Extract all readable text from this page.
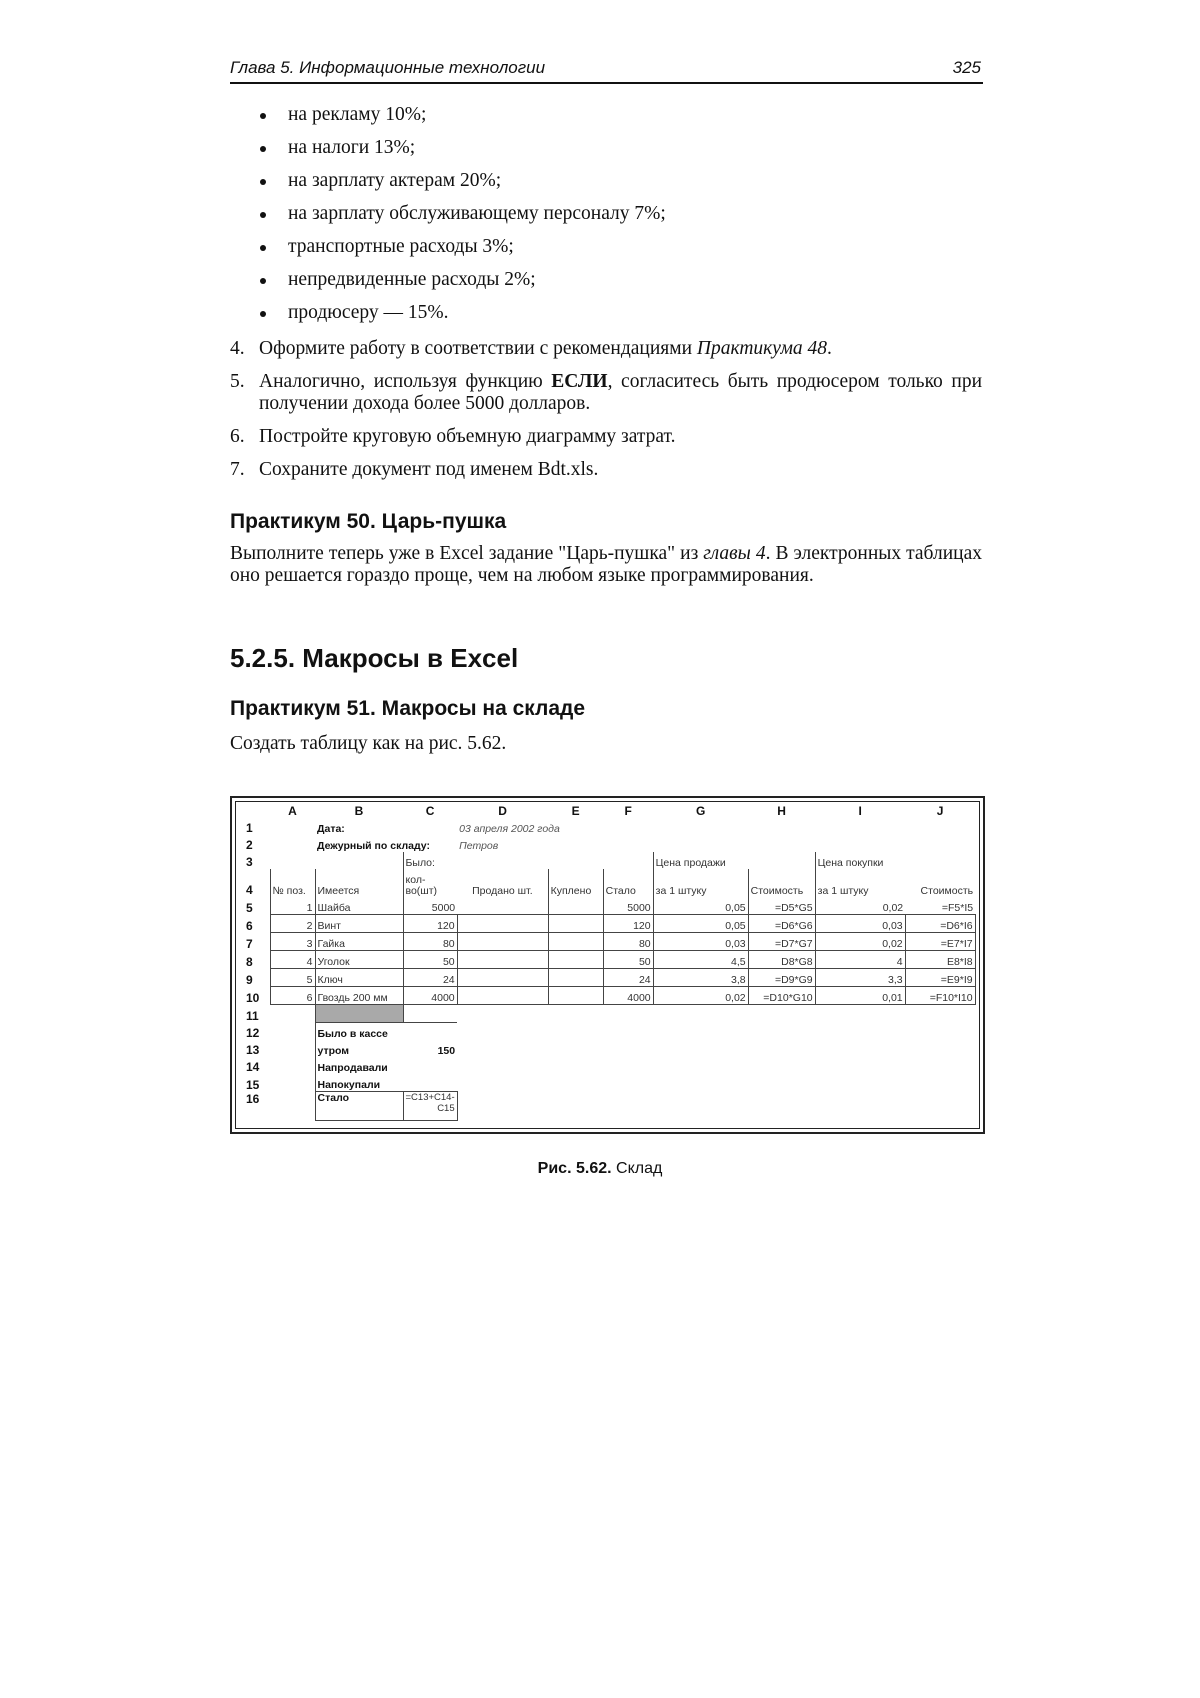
Глава 5. Информационные технологии	325
на рекламу 10%;
на налоги 13%;
на зарплату актерам 20%;
на зарплату обслуживающему персоналу 7%;
транспортные расходы 3%;
непредвиденные расходы 2%;
продюсеру — 15%.
4. Оформите работу в соответствии с рекомендациями Практикума 48.
5. Аналогично, используя функцию ЕСЛИ, согласитесь быть продюсером только при получении дохода более 5000 долларов.
6. Постройте круговую объемную диаграмму затрат.
7. Сохраните документ под именем Bdt.xls.
Практикум 50. Царь-пушка
Выполните теперь уже в Excel задание "Царь-пушка" из главы 4. В электронных таблицах оно решается гораздо проще, чем на любом языке программирования.
5.2.5. Макросы в Excel
Практикум 51. Макросы на складе
Создать таблицу как на рис. 5.62.
	A	B	C	D	E	F	G	H	I	J
1		Дата:		03 апреля 2002 года						
2		Дежурный по складу:		Петров						
3			Было:				Цена продажи		Цена покупки	
4	№ поз.	Имеется	кол-во(шт)	Продано шт.	Куплено	Стало	за 1 штуку	Стоимость	за 1 штуку	Стоимость
5	1	Шайба	5000			5000	0,05	=D5*G5	0,02	=F5*I5
6	2	Винт	120			120	0,05	=D6*G6	0,03	=D6*I6
7	3	Гайка	80			80	0,03	=D7*G7	0,02	=E7*I7
8	4	Уголок	50			50	4,5	D8*G8	4	E8*I8
9	5	Ключ	24			24	3,8	=D9*G9	3,3	=E9*I9
10	6	Гвоздь 200 мм	4000			4000	0,02	=D10*G10	0,01	=F10*I10
11										
12		Было в кассе								
13		утром	150							
14		Напродавали								
15		Напокупали								
16		Стало	=C13+C14-C15							
Рис. 5.62. Склад
